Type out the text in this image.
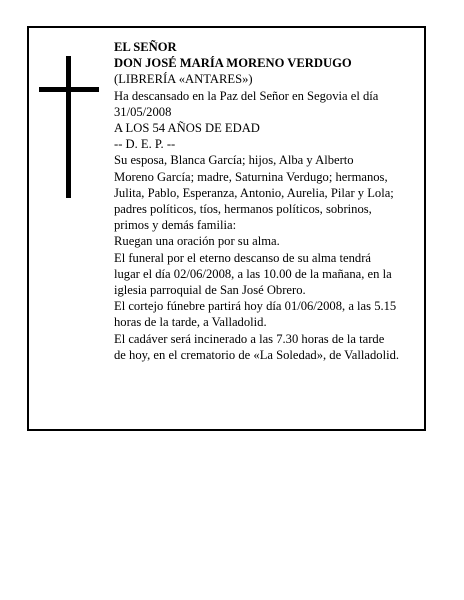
EL SEÑOR
DON JOSÉ MARÍA MORENO VERDUGO
(LIBRERÍA «ANTARES»)
Ha descansado en la Paz del Señor en Segovia el día
31/05/2008
A LOS 54 AÑOS DE EDAD
-- D. E. P. --
Su esposa, Blanca García; hijos, Alba y Alberto
Moreno García; madre, Saturnina Verdugo; hermanos,
Julita, Pablo, Esperanza, Antonio, Aurelia, Pilar y Lola;
padres políticos, tíos, hermanos políticos, sobrinos,
primos y demás familia:
Ruegan una oración por su alma.
El funeral por el eterno descanso de su alma tendrá
lugar el día 02/06/2008, a las 10.00 de la mañana, en la
iglesia parroquial de San José Obrero.
El cortejo fúnebre partirá hoy día 01/06/2008, a las 5.15
horas de la tarde, a Valladolid.
El cadáver será incinerado a las 7.30 horas de la tarde
de hoy, en el crematorio de «La Soledad», de Valladolid.
